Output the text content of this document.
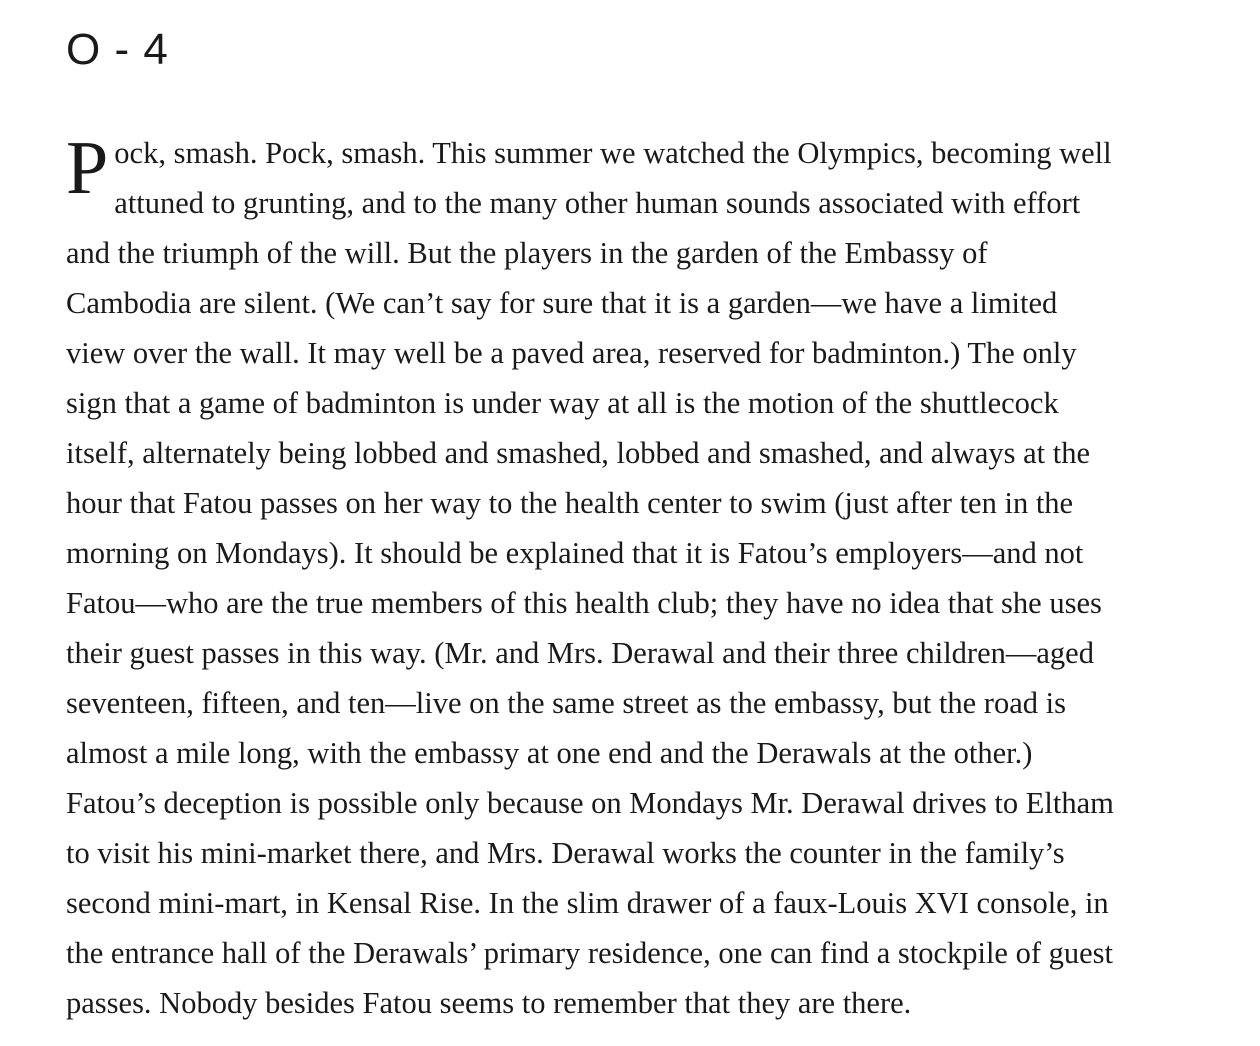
O - 4
P ock, smash. Pock, smash. This summer we watched the Olympics, becoming well
attuned to grunting, and to the many other human sounds associated with effort
and the triumph of the will. But the players in the garden of the Embassy of
Cambodia are silent. (We can’t say for sure that it is a garden—we have a limited
view over the wall. It may well be a paved area, reserved for badminton.) The only
sign that a game of badminton is under way at all is the motion of the shuttlecock
itself, alternately being lobbed and smashed, lobbed and smashed, and always at the
hour that Fatou passes on her way to the health center to swim (just after ten in the
morning on Mondays). It should be explained that it is Fatou’s employers—and not
Fatou—who are the true members of this health club; they have no idea that she uses
their guest passes in this way. (Mr. and Mrs. Derawal and their three children—aged
seventeen, fifteen, and ten—live on the same street as the embassy, but the road is
almost a mile long, with the embassy at one end and the Derawals at the other.)
Fatou’s deception is possible only because on Mondays Mr. Derawal drives to Eltham
to visit his mini-market there, and Mrs. Derawal works the counter in the family’s
second mini-mart, in Kensal Rise. In the slim drawer of a faux-Louis XVI console, in
the entrance hall of the Derawals’ primary residence, one can find a stockpile of guest
passes. Nobody besides Fatou seems to remember that they are there.
